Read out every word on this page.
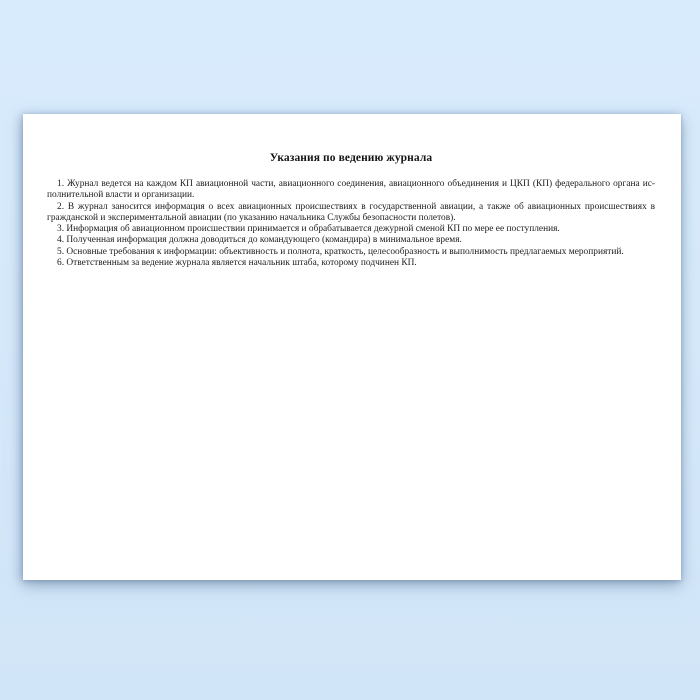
Указания по ведению журнала

1. Журнал ведется на каждом КП авиационной части, авиационного соединения, авиационного объединения и ЦКП (КП) федерального органа исполнительной власти и организации.

2. В журнал заносится информация о всех авиационных происшествиях в государственной авиации, а также об авиационных происшествиях в гражданской и экспериментальной авиации (по указанию начальника Службы безопасности полетов).

3. Информация об авиационном происшествии принимается и обрабатывается дежурной сменой КП по мере ее поступления.

4. Полученная информация должна доводиться до командующего (командира) в минимальное время.

5. Основные требования к информации: объективность и полнота, краткость, целесообразность и выполнимость предлагаемых мероприятий.

6. Ответственным за ведение журнала является начальник штаба, которому подчинен КП.
